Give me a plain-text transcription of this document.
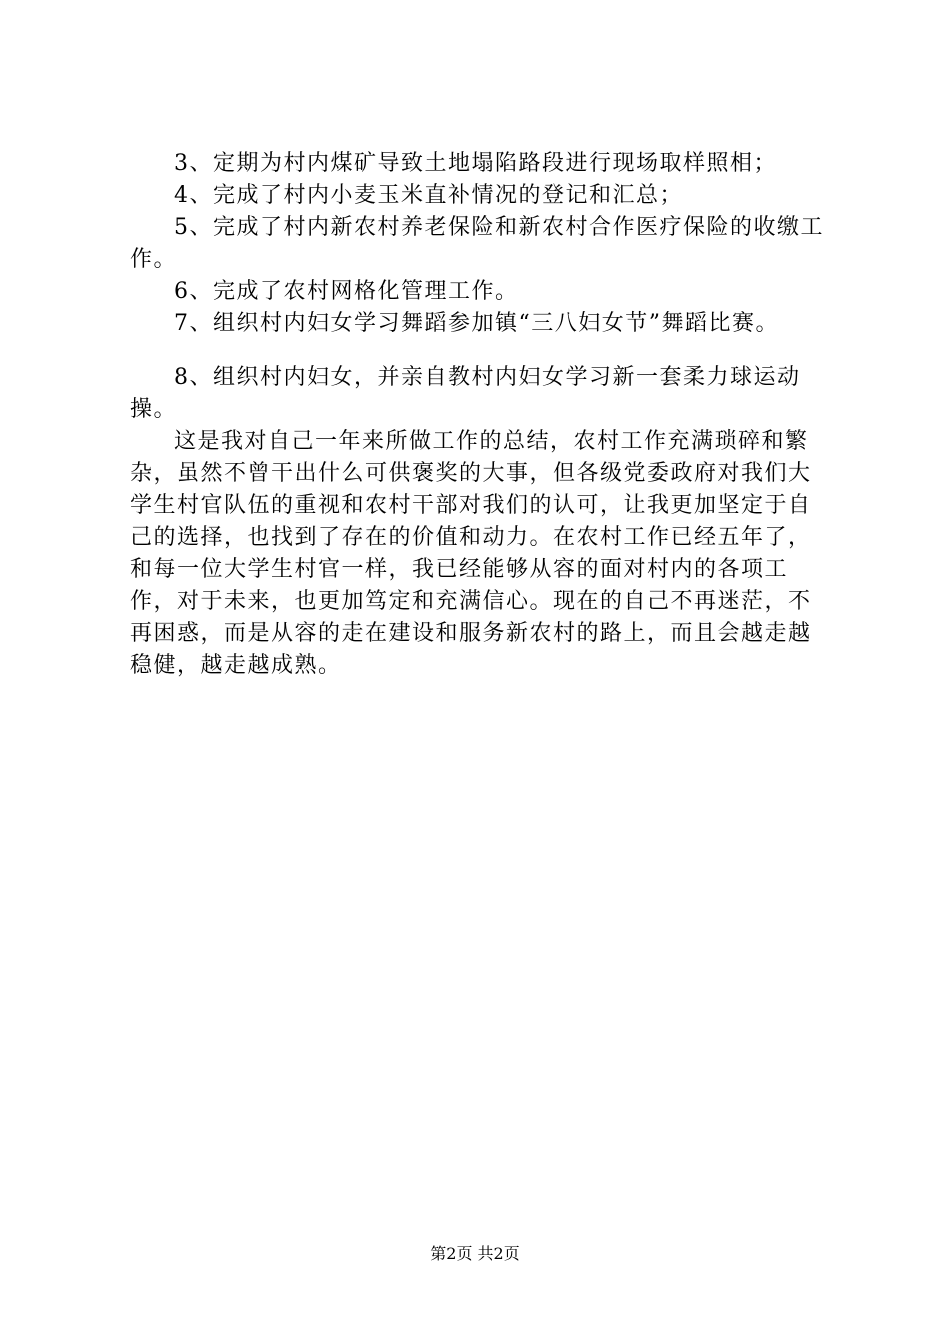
3、定期为村内煤矿导致土地塌陷路段进行现场取样照相；

4、完成了村内小麦玉米直补情况的登记和汇总；

5、完成了村内新农村养老保险和新农村合作医疗保险的收缴工作。

6、完成了农村网格化管理工作。

7、组织村内妇女学习舞蹈参加镇“三八妇女节”舞蹈比赛。

8、组织村内妇女，并亲自教村内妇女学习新一套柔力球运动操。

这是我对自己一年来所做工作的总结，农村工作充满琐碎和繁杂，虽然不曾干出什么可供褒奖的大事，但各级党委政府对我们大学生村官队伍的重视和农村干部对我们的认可，让我更加坚定于自己的选择，也找到了存在的价值和动力。在农村工作已经五年了，和每一位大学生村官一样，我已经能够从容的面对村内的各项工作，对于未来，也更加笃定和充满信心。现在的自己不再迷茫，不再困惑，而是从容的走在建设和服务新农村的路上，而且会越走越稳健，越走越成熟。

第2页 共2页
